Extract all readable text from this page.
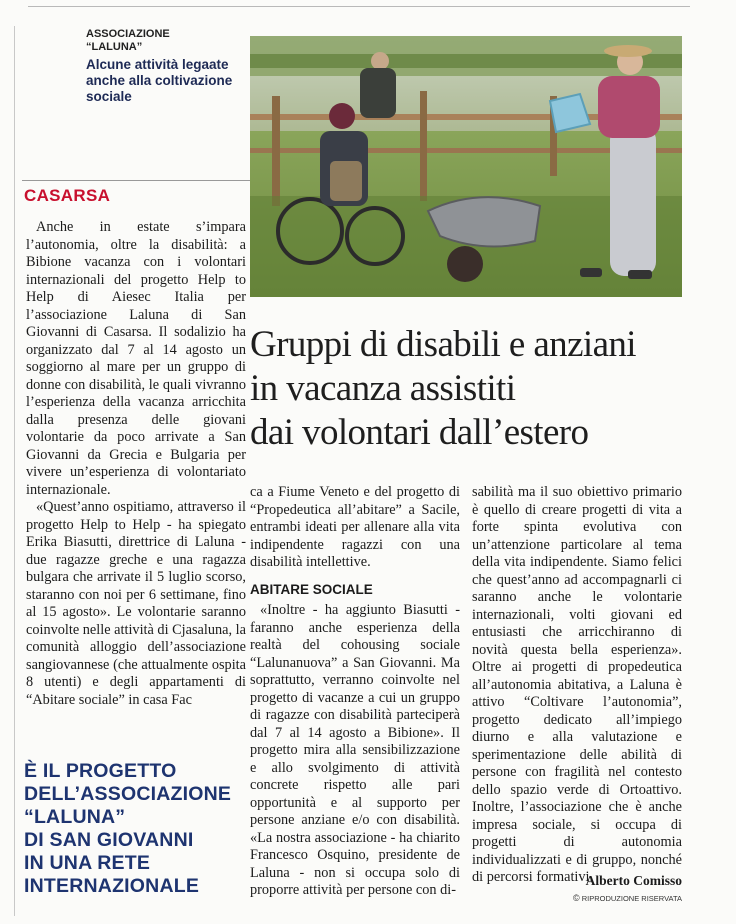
ASSOCIAZIONE
“LALUNA”
Alcune attività legaate anche alla coltivazione sociale
CASARSA

Anche in estate s’impara l’autonomia, oltre la disabilità: a Bibione vacanza con i volontari internazionali del progetto Help to Help di Aiesec Italia per l’associazione Laluna di San Giovanni di Casarsa. Il sodalizio ha organizzato dal 7 al 14 agosto un soggiorno al mare per un gruppo di donne con disabilità, le quali vivranno l’esperienza della vacanza arricchita dalla presenza delle giovani volontarie da poco arrivate a San Giovanni da Grecia e Bulgaria per vivere un’esperienza di volontariato internazionale.

«Quest’anno ospitiamo, attraverso il progetto Help to Help - ha spiegato Erika Biasutti, direttrice di Laluna - due ragazze greche e una ragazza bulgara che arrivate il 5 luglio scorso, staranno con noi per 6 settimane, fino al 15 agosto». Le volontarie saranno coinvolte nelle attività di Cjasaluna, la comunità alloggio dell’associazione sangiovannese (che attualmente ospita 8 utenti) e degli appartamenti di “Abitare sociale” in casa Fac

Gruppi di disabili e anziani
in vacanza assistiti
dai volontari dall’estero

ca a Fiume Veneto e del progetto di “Propedeutica all’abitare” a Sacile, entrambi ideati per allenare alla vita indipendente ragazzi con una disabilità intellettive.

ABITARE SOCIALE

«Inoltre - ha aggiunto Biasutti - faranno anche esperienza della realtà del cohousing sociale “Lalunanuova” a San Giovanni. Ma soprattutto, verranno coinvolte nel progetto di vacanze a cui un gruppo di ragazze con disabilità parteciperà dal 7 al 14 agosto a Bibione». Il progetto mira alla sensibilizzazione e allo svolgimento di attività concrete rispetto alle pari opportunità e al supporto per persone anziane e/o con disabilità. «La nostra associazione - ha chiarito Francesco Osquino, presidente de Laluna - non si occupa solo di proporre attività per persone con di-

sabilità ma il suo obiettivo primario è quello di creare progetti di vita a forte spinta evolutiva con un’attenzione particolare al tema della vita indipendente. Siamo felici che quest’anno ad accompagnarli ci saranno anche le volontarie internazionali, volti giovani ed entusiasti che arricchiranno di novità questa bella esperienza». Oltre ai progetti di propedeutica all’autonomia abitativa, a Laluna è attivo “Coltivare l’autonomia”, progetto dedicato all’impiego diurno e alla valutazione e sperimentazione delle abilità di persone con fragilità nel contesto dello spazio verde di Ortoattivo. Inoltre, l’associazione che è anche impresa sociale, si occupa di progetti di autonomia individualizzati e di gruppo, nonché di percorsi formativi.

È IL PROGETTO
DELL’ASSOCIAZIONE
“LALUNA”
DI SAN GIOVANNI
IN UNA RETE
INTERNAZIONALE	Alberto Comisso
© RIPRODUZIONE RISERVATA
